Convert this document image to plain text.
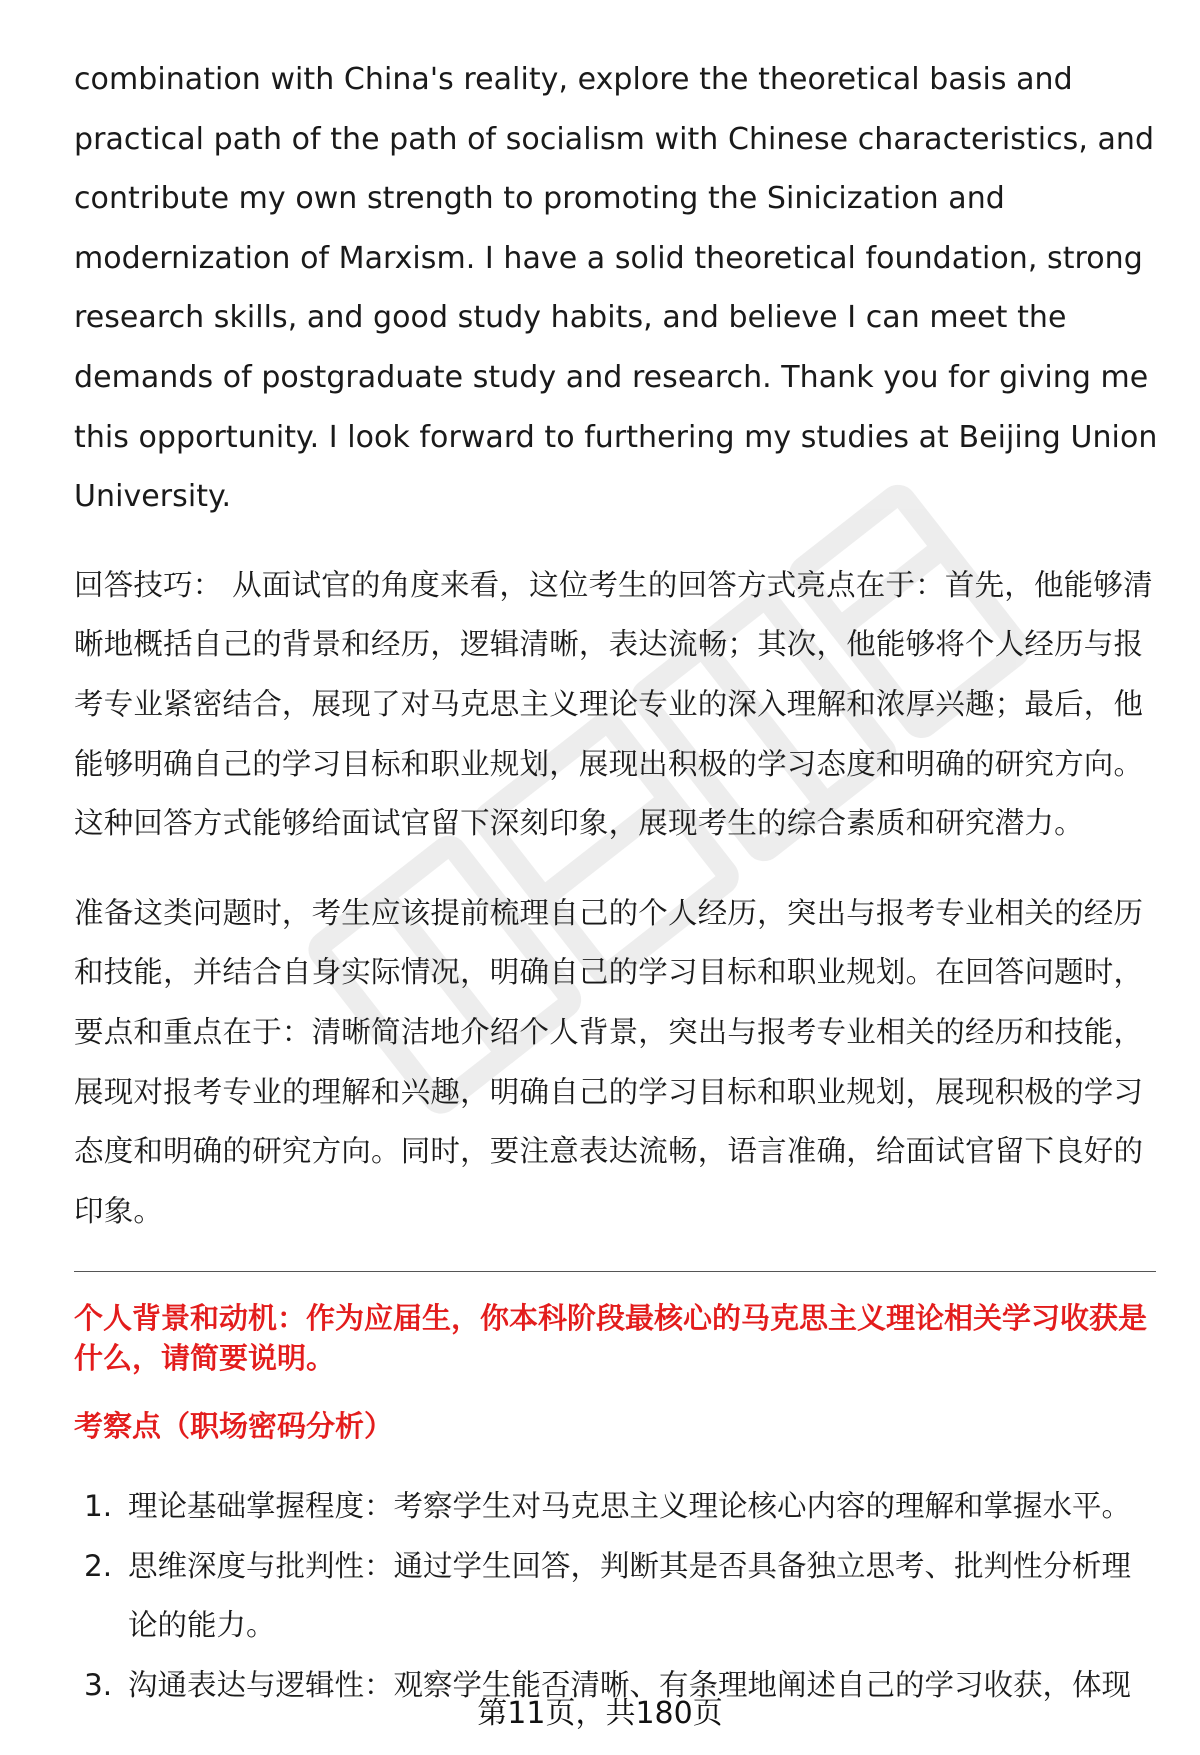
combination with China's reality, explore the theoretical basis and practical path of the path of socialism with Chinese characteristics, and contribute my own strength to promoting the Sinicization and modernization of Marxism. I have a solid theoretical foundation, strong research skills, and good study habits, and believe I can meet the demands of postgraduate study and research. Thank you for giving me this opportunity. I look forward to furthering my studies at Beijing Union University.

回答技巧： 从面试官的角度来看，这位考生的回答方式亮点在于：首先，他能够清晰地概括自己的背景和经历，逻辑清晰，表达流畅；其次，他能够将个人经历与报考专业紧密结合，展现了对马克思主义理论专业的深入理解和浓厚兴趣；最后，他能够明确自己的学习目标和职业规划，展现出积极的学习态度和明确的研究方向。这种回答方式能够给面试官留下深刻印象，展现考生的综合素质和研究潜力。

准备这类问题时，考生应该提前梳理自己的个人经历，突出与报考专业相关的经历和技能，并结合自身实际情况，明确自己的学习目标和职业规划。在回答问题时，要点和重点在于：清晰简洁地介绍个人背景，突出与报考专业相关的经历和技能，展现对报考专业的理解和兴趣，明确自己的学习目标和职业规划，展现积极的学习态度和明确的研究方向。同时，要注意表达流畅，语言准确，给面试官留下良好的印象。

个人背景和动机：作为应届生，你本科阶段最核心的马克思主义理论相关学习收获是什么，请简要说明。
考察点（职场密码分析）
1. 理论基础掌握程度：考察学生对马克思主义理论核心内容的理解和掌握水平。
2. 思维深度与批判性：通过学生回答，判断其是否具备独立思考、批判性分析理论的能力。
3. 沟通表达与逻辑性：观察学生能否清晰、有条理地阐述自己的学习收获，体现
第11页，共180页
